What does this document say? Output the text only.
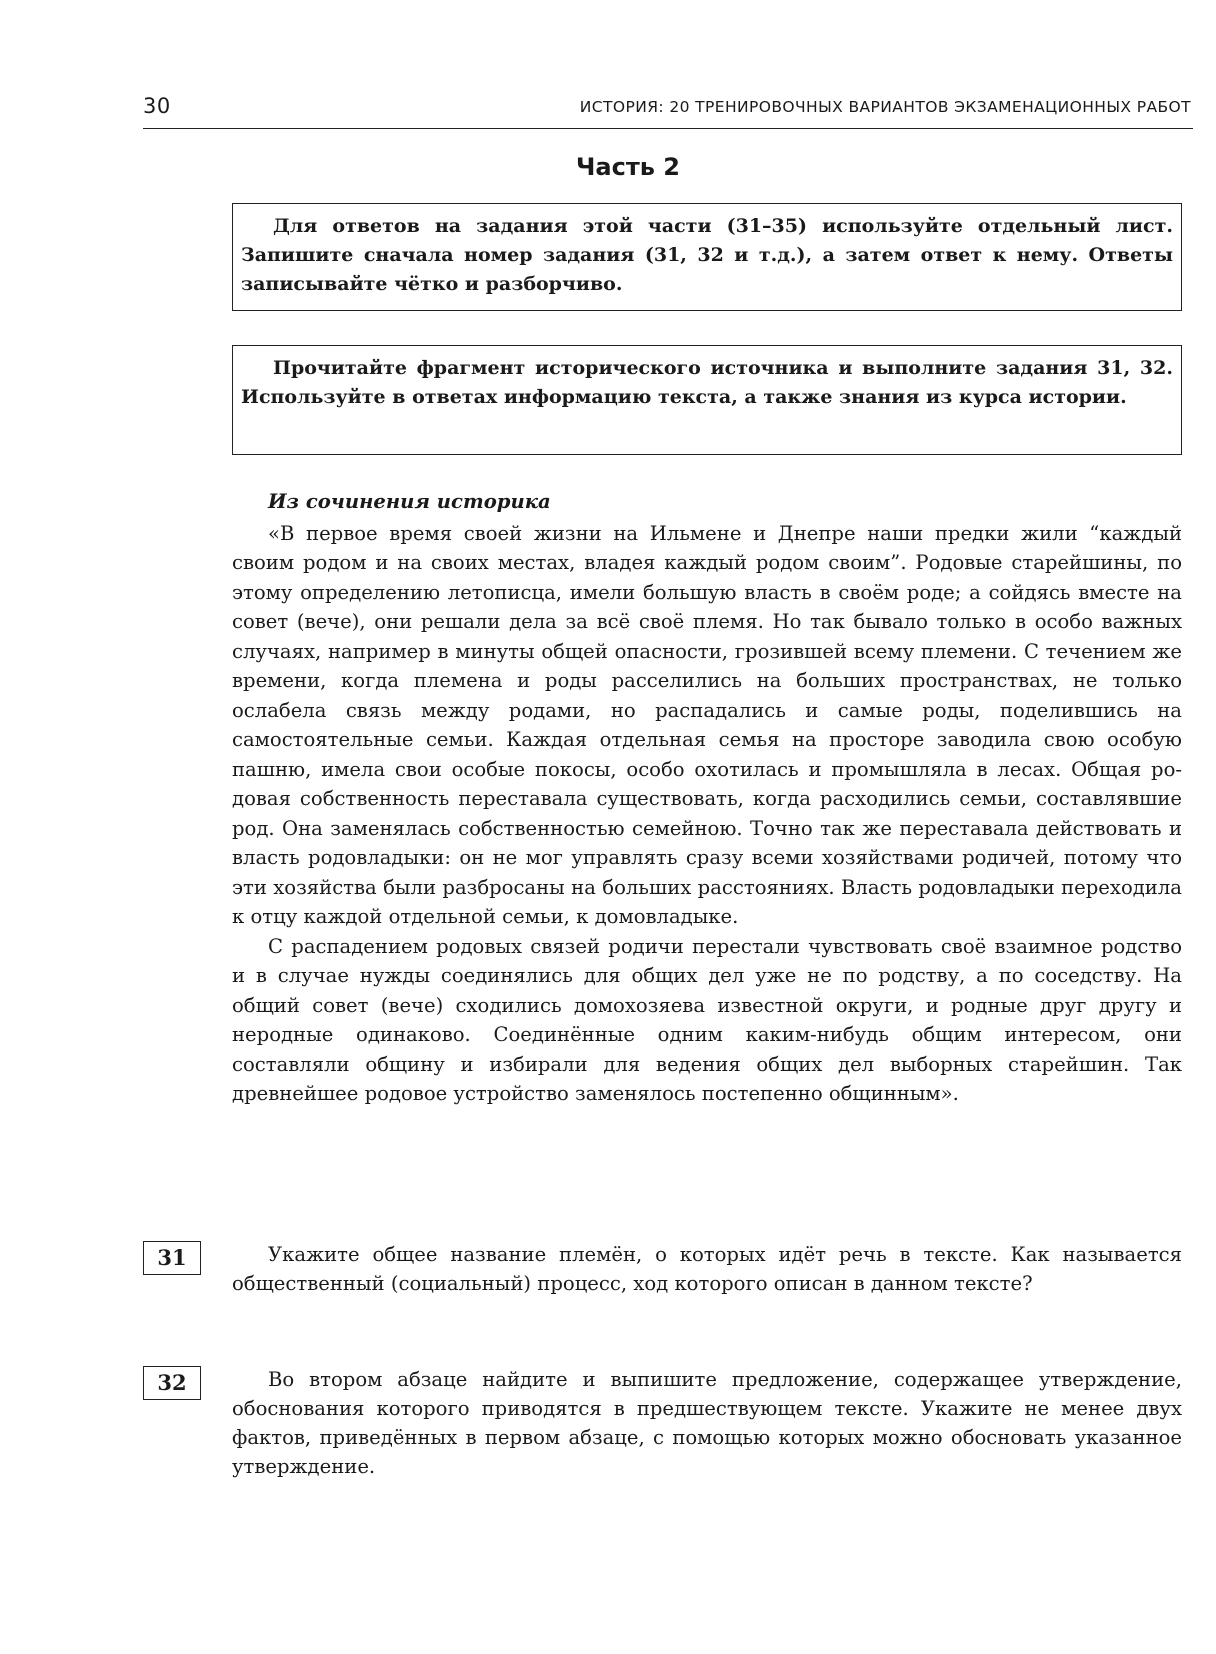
30	ИСТОРИЯ: 20 ТРЕНИРОВОЧНЫХ ВАРИАНТОВ ЭКЗАМЕНАЦИОННЫХ РАБОТ
Часть 2

Для ответов на задания этой части (31–35) используйте отдельный лист. Запишите сначала номер задания (31, 32 и т.д.), а затем ответ к нему. Ответы записывайте чётко и разборчиво.

Прочитайте фрагмент исторического источника и выполните задания 31, 32. Используйте в ответах информацию текста, а также знания из курса истории.

Из сочинения историка

«В первое время своей жизни на Ильмене и Днепре наши предки жили “каждый своим родом и на своих местах, владея каждый родом своим”. Родовые старейшины, по этому определению летописца, имели большую власть в своём роде; а сойдясь вместе на совет (вече), они решали дела за всё своё племя. Но так бывало только в особо важных случаях, например в минуты общей опасности, грозившей всему племени. С течением же времени, когда племена и роды расселились на больших пространствах, не только ослабела связь между родами, но распадались и самые роды, поделившись на самостоятельные семьи. Каждая отдельная семья на просторе заводила свою особую пашню, имела свои особые покосы, особо охотилась и промышляла в лесах. Общая родовая собственность переставала существовать, когда расходились семьи, составлявшие род. Она заменялась собственностью семейною. Точно так же переставала действовать и власть родовладыки: он не мог управлять сразу всеми хозяйствами родичей, потому что эти хозяйства были разбросаны на больших расстояниях. Власть родовладыки переходила к отцу каждой отдельной семьи, к домовладыке.

С распадением родовых связей родичи перестали чувствовать своё взаимное родство и в случае нужды соединялись для общих дел уже не по родству, а по соседству. На общий совет (вече) сходились домохозяева известной округи, и родные друг другу и неродные одинаково. Соединённые одним каким-нибудь общим интересом, они составляли общину и избирали для ведения общих дел выборных старейшин. Так древнейшее родовое устройство заменялось постепенно общинным».

31	Укажите общее название племён, о которых идёт речь в тексте. Как называется общественный (социальный) процесс, ход которого описан в данном тексте?

32	Во втором абзаце найдите и выпишите предложение, содержащее утверждение, обоснования которого приводятся в предшествующем тексте. Укажите не менее двух фактов, приведённых в первом абзаце, с помощью которых можно обосновать указанное утверждение.
